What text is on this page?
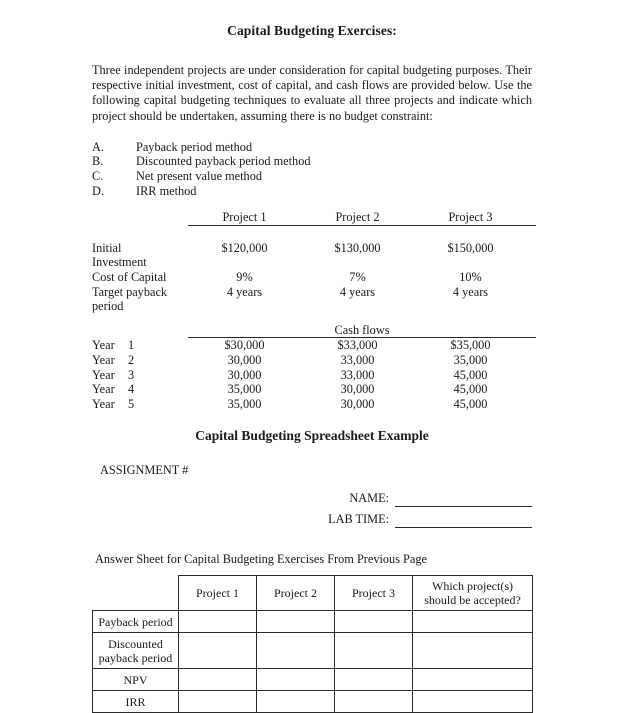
Capital Budgeting Exercises:

Three independent projects are under consideration for capital budgeting purposes. Their respective initial investment, cost of capital, and cash flows are provided below. Use the following capital budgeting techniques to evaluate all three projects and indicate which project should be undertaken, assuming there is no budget constraint:

A.	Payback period method
B.	Discounted payback period method
C.	Net present value method
D.	IRR method
	Project 1	Project 2	Project 3	

Initial
Investment	$120,000	$130,000	$150,000	
Cost of Capital	9%	7%	10%	
Target payback
period	4 years	4 years	4 years	

	Cash flows			

Year 1	$30,000	$33,000	$35,000	

Year 2	30,000	33,000	35,000	

Year 3	30,000	33,000	45,000	

Year 4	35,000	30,000	45,000	

Year 5	35,000	30,000	45,000	
Capital Budgeting Spreadsheet Example
ASSIGNMENT #
NAME:
LAB TIME:
Answer Sheet for Capital Budgeting Exercises From Previous Page
	Project 1	Project 2	Project 3	Which project(s)
should be accepted?
Payback period				
Discounted
payback period				
NPV				
IRR				
